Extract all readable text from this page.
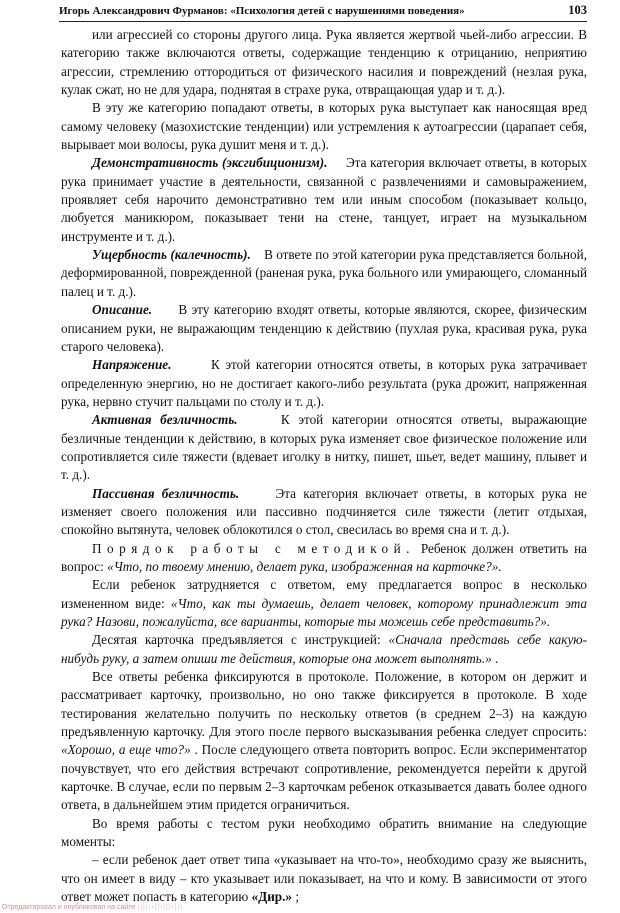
Игорь Александрович Фурманов: «Психология детей с нарушениями поведения»	103

или агрессией со стороны другого лица. Рука является жертвой чьей-либо агрессии. В категорию также включаются ответы, содержащие тенденцию к отрицанию, неприятию агрессии, стремлению оттородиться от физического насилия и повреждений (незлая рука, кулак сжат, но не для удара, поднятая в страхе рука, отвращающая удар и т. д.).

В эту же категорию попадают ответы, в которых рука выступает как наносящая вред самому человеку (мазохистские тенденции) или устремления к аутоагрессии (царапает себя, вырывает мои волосы, рука душит меня и т. д.).

Демонстративность (эксгибиционизм). Эта категория включает ответы, в которых рука принимает участие в деятельности, связанной с развлечениями и самовыражением, проявляет себя нарочито демонстративно тем или иным способом (показывает кольцо, любуется маникюром, показывает тени на стене, танцует, играет на музыкальном инструменте и т. д.).

Ущербность (калечность). В ответе по этой категории рука представляется больной, деформированной, поврежденной (раненая рука, рука больного или умирающего, сломанный палец и т. д.).

Описание. В эту категорию входят ответы, которые являются, скорее, физическим описанием руки, не выражающим тенденцию к действию (пухлая рука, красивая рука, рука старого человека).

Напряжение.	К этой категории относятся ответы, в которых рука затрачивает определенную энергию, но не достигает какого-либо результата (рука дрожит, напряженная рука, нервно стучит пальцами по столу и т. д.).

Активная безличность.	К этой категории относятся ответы, выражающие безличные тенденции к действию, в которых рука изменяет свое физическое положение или сопротивляется силе тяжести (вдевает иголку в нитку, пишет, шьет, ведет машину, плывет и т. д.).

Пассивная безличность.	Эта категория включает ответы, в которых рука не изменяет своего положения или пассивно подчиняется силе тяжести (летит отдыхая, спокойно вытянута, человек облокотился о стол, свесилась во время сна и т. д.).

Порядок работы с методикой. Ребенок должен ответить на вопрос: «Что, по твоему мнению, делает рука, изображенная на карточке?».

Если ребенок затрудняется с ответом, ему предлагается вопрос в несколько измененном виде: «Что, как ты думаешь, делает человек, которому принадлежит эта рука? Назови, пожалуйста, все варианты, которые ты можешь себе представить?».

Десятая карточка предъявляется с инструкцией: «Сначала представь себе какую-нибудь руку, а затем опиши те действия, которые она может выполнять.» .

Все ответы ребенка фиксируются в протоколе. Положение, в котором он держит и рассматривает карточку, произвольно, но оно также фиксируется в протоколе. В ходе тестирования желательно получить по нескольку ответов (в среднем 2–3) на каждую предъявленную карточку. Для этого после первого высказывания ребенка следует спросить: «Хорошо, а еще что?» . После следующего ответа повторить вопрос. Если экспериментатор почувствует, что его действия встречают сопротивление, рекомендуется перейти к другой карточке. В случае, если по первым 2–3 карточкам ребенок отказывается давать более одного ответа, в дальнейшем этим придется ограничиться.

Во время работы с тестом руки необходимо обратить внимание на следующие моменты:

– если ребенок дает ответ типа «указывает на что-то», необходимо сразу же выяснить, что он имеет в виду – кто указывает или показывает, на что и кому. В зависимости от этого ответ может попасть в категорию «Дир.» ;

Отредактировал и опубликовал на сайте ı|||ıı||ı|||ı|ı|
